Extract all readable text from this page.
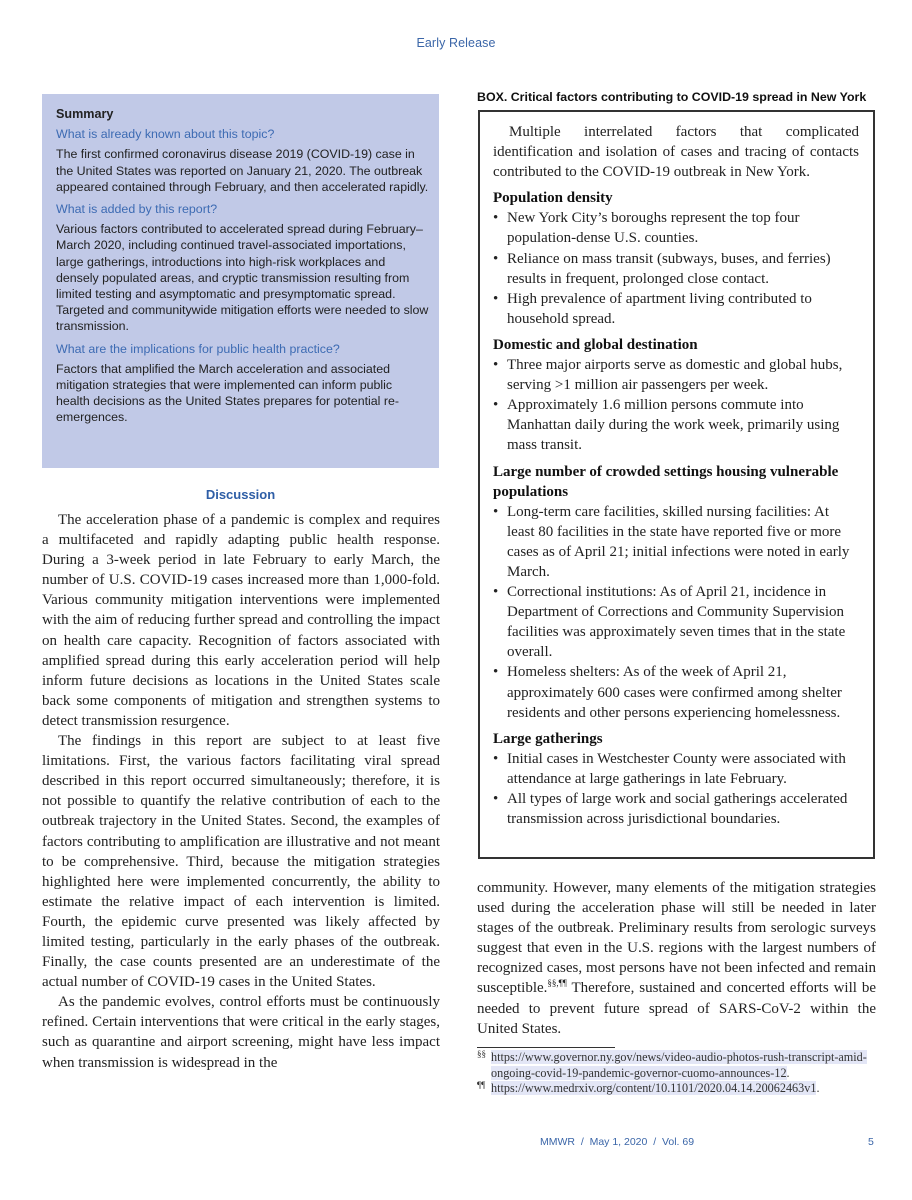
Early Release
Summary
What is already known about this topic?
The first confirmed coronavirus disease 2019 (COVID-19) case in the United States was reported on January 21, 2020. The outbreak appeared contained through February, and then accelerated rapidly.
What is added by this report?
Various factors contributed to accelerated spread during February–March 2020, including continued travel-associated importations, large gatherings, introductions into high-risk workplaces and densely populated areas, and cryptic transmission resulting from limited testing and asymptomatic and presymptomatic spread. Targeted and communitywide mitigation efforts were needed to slow transmission.
What are the implications for public health practice?
Factors that amplified the March acceleration and associated mitigation strategies that were implemented can inform public health decisions as the United States prepares for potential re-emergences.
Discussion

The acceleration phase of a pandemic is complex and requires a multifaceted and rapidly adapting public health response. During a 3-week period in late February to early March, the number of U.S. COVID-19 cases increased more than 1,000-fold. Various community mitigation interventions were implemented with the aim of reducing further spread and controlling the impact on health care capacity. Recognition of factors associated with amplified spread during this early acceleration period will help inform future decisions as locations in the United States scale back some components of mitigation and strengthen systems to detect transmission resurgence.

The findings in this report are subject to at least five limitations. First, the various factors facilitating viral spread described in this report occurred simultaneously; therefore, it is not possible to quantify the relative contribution of each to the outbreak trajectory in the United States. Second, the examples of factors contributing to amplification are illustrative and not meant to be comprehensive. Third, because the mitigation strategies highlighted here were implemented concurrently, the ability to estimate the relative impact of each intervention is limited. Fourth, the epidemic curve presented was likely affected by limited testing, particularly in the early phases of the outbreak. Finally, the case counts presented are an underestimate of the actual number of COVID-19 cases in the United States.

As the pandemic evolves, control efforts must be continuously refined. Certain interventions that were critical in the early stages, such as quarantine and airport screening, might have less impact when transmission is widespread in the

BOX. Critical factors contributing to COVID-19 spread in New York

Multiple interrelated factors that complicated identification and isolation of cases and tracing of contacts contributed to the COVID-19 outbreak in New York.

Population density
• New York City’s boroughs represent the top four population-dense U.S. counties.
• Reliance on mass transit (subways, buses, and ferries) results in frequent, prolonged close contact.
• High prevalence of apartment living contributed to household spread.
Domestic and global destination
• Three major airports serve as domestic and global hubs, serving >1 million air passengers per week.
• Approximately 1.6 million persons commute into Manhattan daily during the work week, primarily using mass transit.
Large number of crowded settings housing vulnerable populations
• Long-term care facilities, skilled nursing facilities: At least 80 facilities in the state have reported five or more cases as of April 21; initial infections were noted in early March.
• Correctional institutions: As of April 21, incidence in Department of Corrections and Community Supervision facilities was approximately seven times that in the state overall.
• Homeless shelters: As of the week of April 21, approximately 600 cases were confirmed among shelter residents and other persons experiencing homelessness.
Large gatherings
• Initial cases in Westchester County were associated with attendance at large gatherings in late February.
• All types of large work and social gatherings accelerated transmission across jurisdictional boundaries.

community. However, many elements of the mitigation strategies used during the acceleration phase will still be needed in later stages of the outbreak. Preliminary results from serologic surveys suggest that even in the U.S. regions with the largest numbers of recognized cases, most persons have not been infected and remain susceptible.§§,¶¶ Therefore, sustained and concerted efforts will be needed to prevent future spread of SARS-CoV-2 within the United States.

§§ https://www.governor.ny.gov/news/video-audio-photos-rush-transcript-amid-ongoing-covid-19-pandemic-governor-cuomo-announces-12.
¶¶ https://www.medrxiv.org/content/10.1101/2020.04.14.20062463v1.
MMWR  /  May 1, 2020  /  Vol. 69	5
